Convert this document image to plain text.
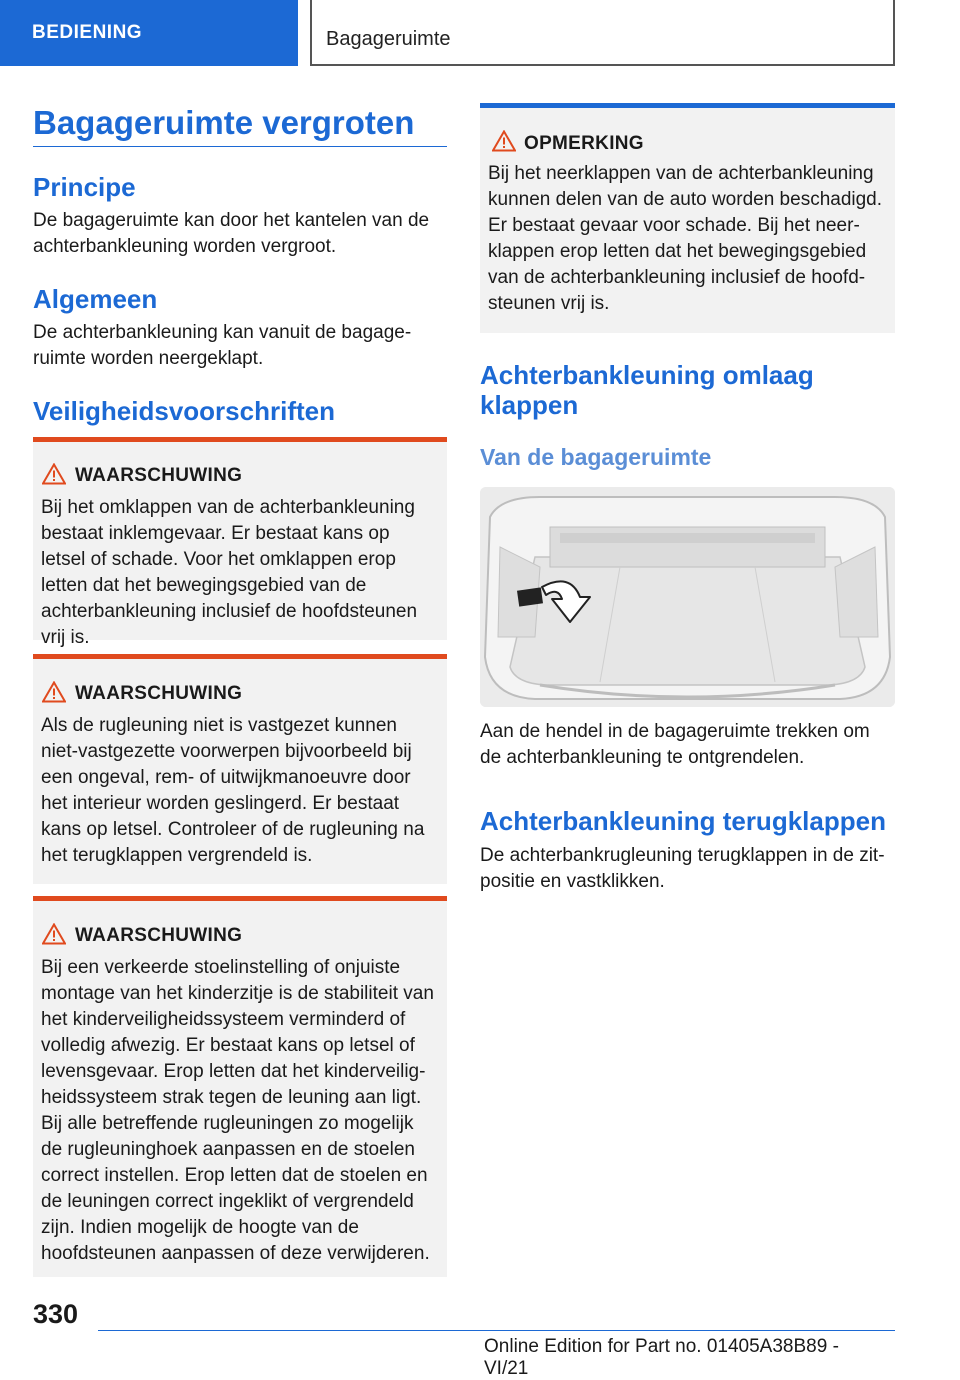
BEDIENING	Bagageruimte
Bagageruimte vergroten
Principe
De bagageruimte kan door het kantelen van de achterbankleuning worden vergroot.
Algemeen
De achterbankleuning kan vanuit de bagageruimte worden neergeklapt.
Veiligheidsvoorschriften
WAARSCHUWING
Bij het omklappen van de achterbankleuning bestaat inklemgevaar. Er bestaat kans op letsel of schade. Voor het omklappen erop letten dat het bewegingsgebied van de achterbankleuning inclusief de hoofdsteunen vrij is.
WAARSCHUWING
Als de rugleuning niet is vastgezet kunnen niet-vastgezette voorwerpen bijvoorbeeld bij een ongeval, rem- of uitwijkmanoeuvre door het interieur worden geslingerd. Er bestaat kans op letsel. Controleer of de rugleuning na het terugklappen vergrendeld is.
WAARSCHUWING
Bij een verkeerde stoelinstelling of onjuiste montage van het kinderzitje is de stabiliteit van het kinderveiligheidssysteem verminderd of volledig afwezig. Er bestaat kans op letsel of levensgevaar. Erop letten dat het kinderveiligheidssysteem strak tegen de leuning aan ligt. Bij alle betreffende rugleuningen zo mogelijk de rugleuninghoek aanpassen en de stoelen correct instellen. Erop letten dat de stoelen en de leuningen correct ingeklikt of vergrendeld zijn. Indien mogelijk de hoogte van de hoofdsteunen aanpassen of deze verwijderen.
OPMERKING
Bij het neerklappen van de achterbankleuning kunnen delen van de auto worden beschadigd. Er bestaat gevaar voor schade. Bij het neerklappen erop letten dat het bewegingsgebied van de achterbankleuning inclusief de hoofdsteunen vrij is.
Achterbankleuning omlaag klappen
Van de bagageruimte
Aan de hendel in de bagageruimte trekken om de achterbankleuning te ontgrendelen.
Achterbankleuning terugklappen
De achterbankrugleuning terugklappen in de zitpositie en vastklikken.
330
Online Edition for Part no. 01405A38B89 - VI/21
